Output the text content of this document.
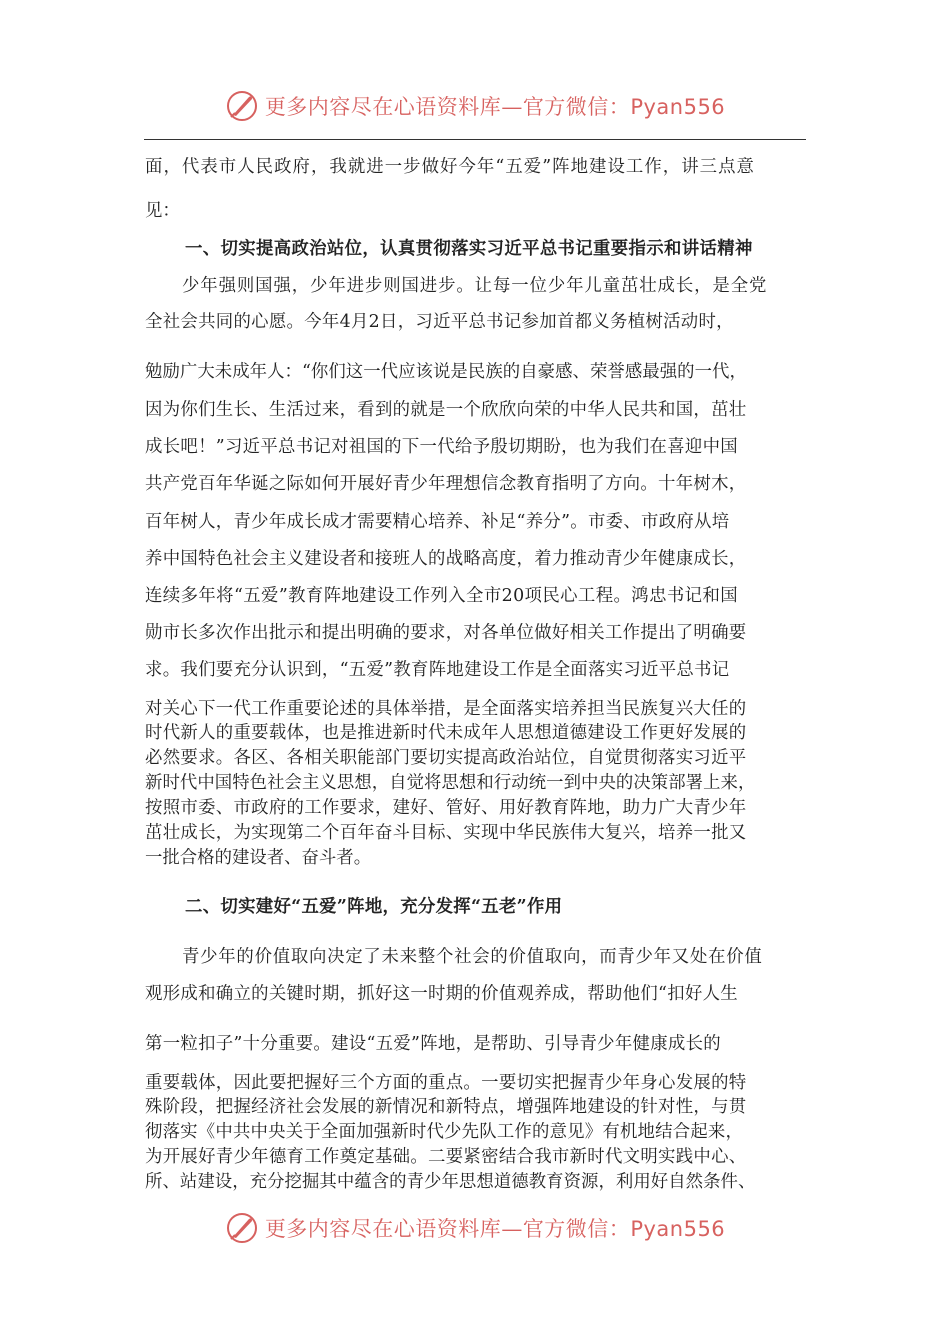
更多内容尽在心语资料库—官方微信：Pyan556

面，代表市人民政府，我就进一步做好今年“五爱”阵地建设工作，讲三点意

见：

一、切实提高政治站位，认真贯彻落实习近平总书记重要指示和讲话精神

少年强则国强，少年进步则国进步。让每一位少年儿童茁壮成长，是全党

全社会共同的心愿。今年4月2日，习近平总书记参加首都义务植树活动时，

勉励广大未成年人：“你们这一代应该说是民族的自豪感、荣誉感最强的一代，

因为你们生长、生活过来，看到的就是一个欣欣向荣的中华人民共和国，茁壮

成长吧！”习近平总书记对祖国的下一代给予殷切期盼，也为我们在喜迎中国

共产党百年华诞之际如何开展好青少年理想信念教育指明了方向。十年树木，

百年树人，青少年成长成才需要精心培养、补足“养分”。市委、市政府从培

养中国特色社会主义建设者和接班人的战略高度，着力推动青少年健康成长，

连续多年将“五爱”教育阵地建设工作列入全市20项民心工程。鸿忠书记和国

勋市长多次作出批示和提出明确的要求，对各单位做好相关工作提出了明确要

求。我们要充分认识到，“五爱”教育阵地建设工作是全面落实习近平总书记

对关心下一代工作重要论述的具体举措，是全面落实培养担当民族复兴大任的

时代新人的重要载体，也是推进新时代未成年人思想道德建设工作更好发展的

必然要求。各区、各相关职能部门要切实提高政治站位，自觉贯彻落实习近平

新时代中国特色社会主义思想，自觉将思想和行动统一到中央的决策部署上来，

按照市委、市政府的工作要求，建好、管好、用好教育阵地，助力广大青少年

茁壮成长，为实现第二个百年奋斗目标、实现中华民族伟大复兴，培养一批又

一批合格的建设者、奋斗者。

二、切实建好“五爱”阵地，充分发挥“五老”作用

青少年的价值取向决定了未来整个社会的价值取向，而青少年又处在价值

观形成和确立的关键时期，抓好这一时期的价值观养成，帮助他们“扣好人生

第一粒扣子”十分重要。建设“五爱”阵地，是帮助、引导青少年健康成长的

重要载体，因此要把握好三个方面的重点。一要切实把握青少年身心发展的特

殊阶段，把握经济社会发展的新情况和新特点，增强阵地建设的针对性，与贯

彻落实《中共中央关于全面加强新时代少先队工作的意见》有机地结合起来，

为开展好青少年德育工作奠定基础。二要紧密结合我市新时代文明实践中心、

所、站建设，充分挖掘其中蕴含的青少年思想道德教育资源，利用好自然条件、

更多内容尽在心语资料库—官方微信：Pyan556
